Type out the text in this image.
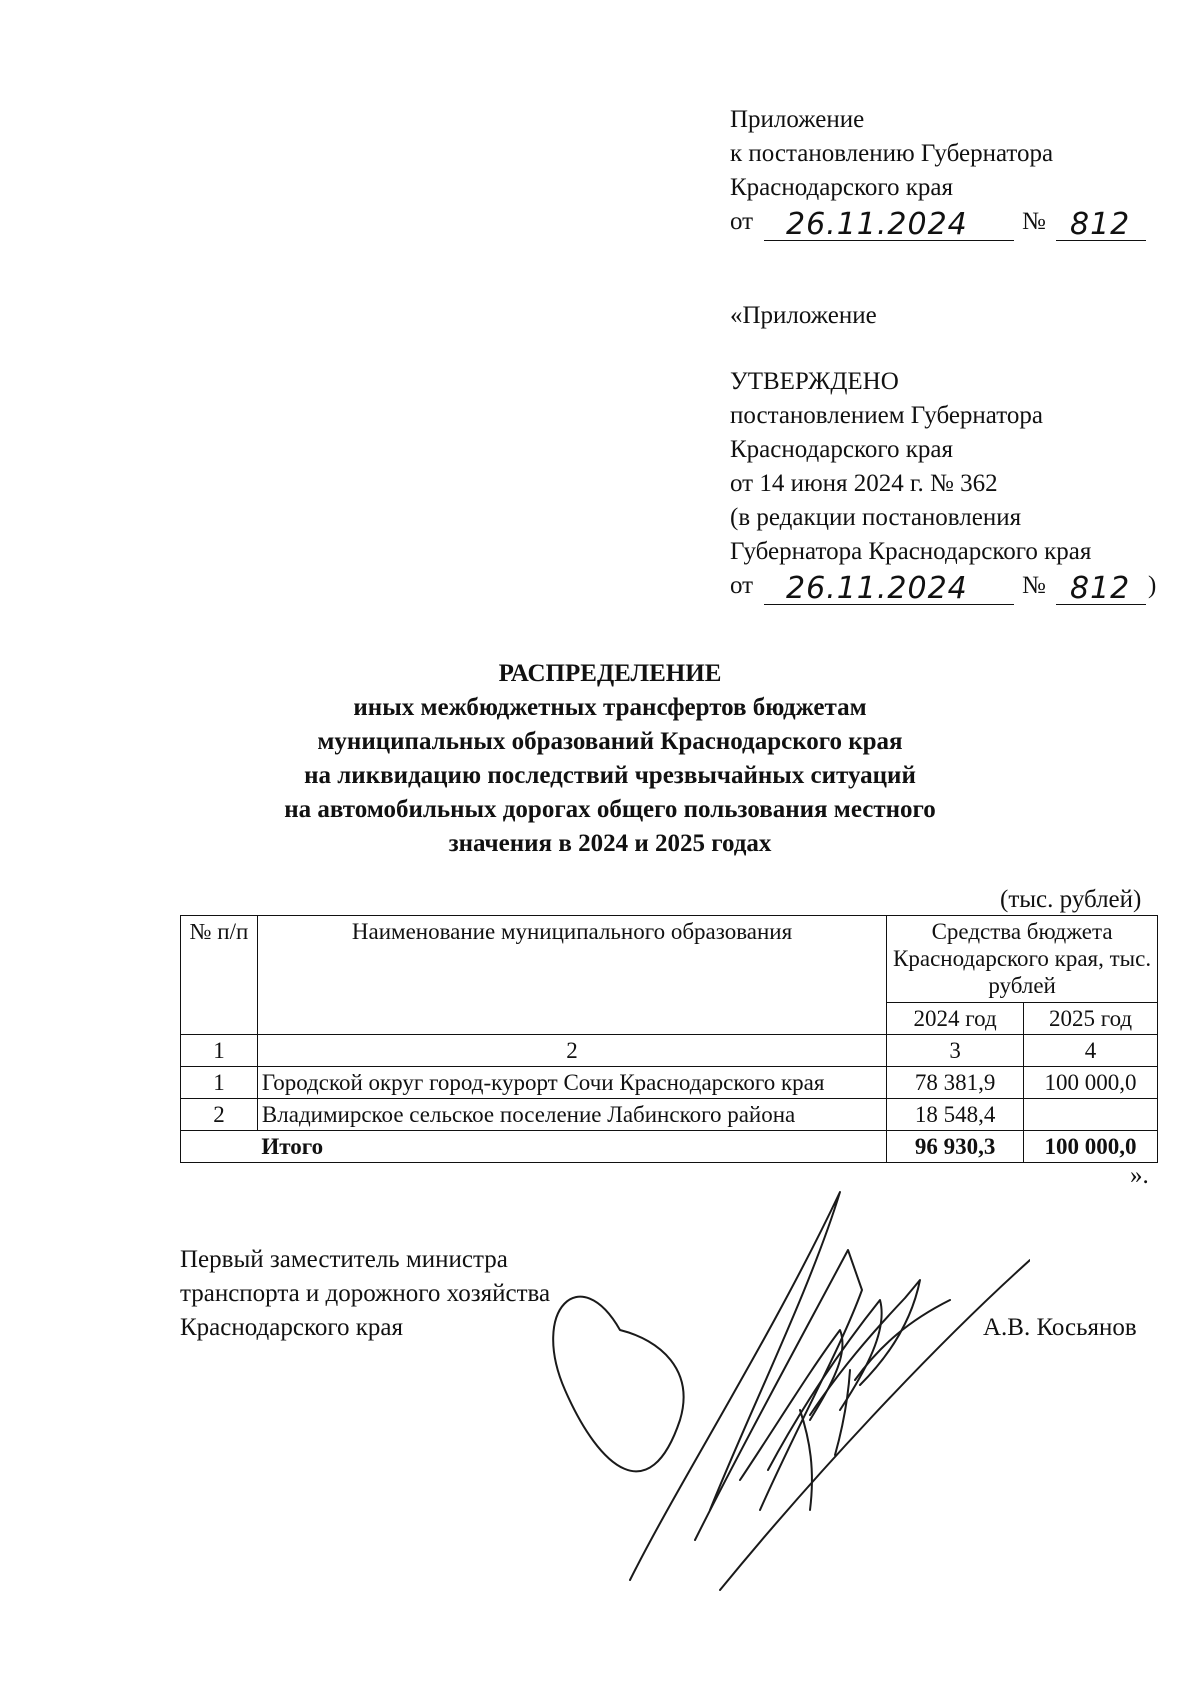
Приложение
к постановлению Губернатора
Краснодарского края
от 26.11.2024 № 812
«Приложение
УТВЕРЖДЕНО
постановлением Губернатора
Краснодарского края
от 14 июня 2024 г. № 362
(в редакции постановления
Губернатора Краснодарского края
от 26.11.2024 № 812 )
РАСПРЕДЕЛЕНИЕ
иных межбюджетных трансфертов бюджетам
муниципальных образований Краснодарского края
на ликвидацию последствий чрезвычайных ситуаций
на автомобильных дорогах общего пользования местного
значения в 2024 и 2025 годах
(тыс. рублей)
№ п/п	Наименование муниципального образования	Средства бюджета Краснодарского края, тыс. рублей	
		2024 год	2025 год
1	2	3	4
1	Городской округ город-курорт Сочи Краснодарского края	78 381,9	100 000,0
2	Владимирское сельское поселение Лабинского района	18 548,4	
	Итого	96 930,3	100 000,0
».
Первый заместитель министра
транспорта и дорожного хозяйства
Краснодарского края	А.В. Косьянов
